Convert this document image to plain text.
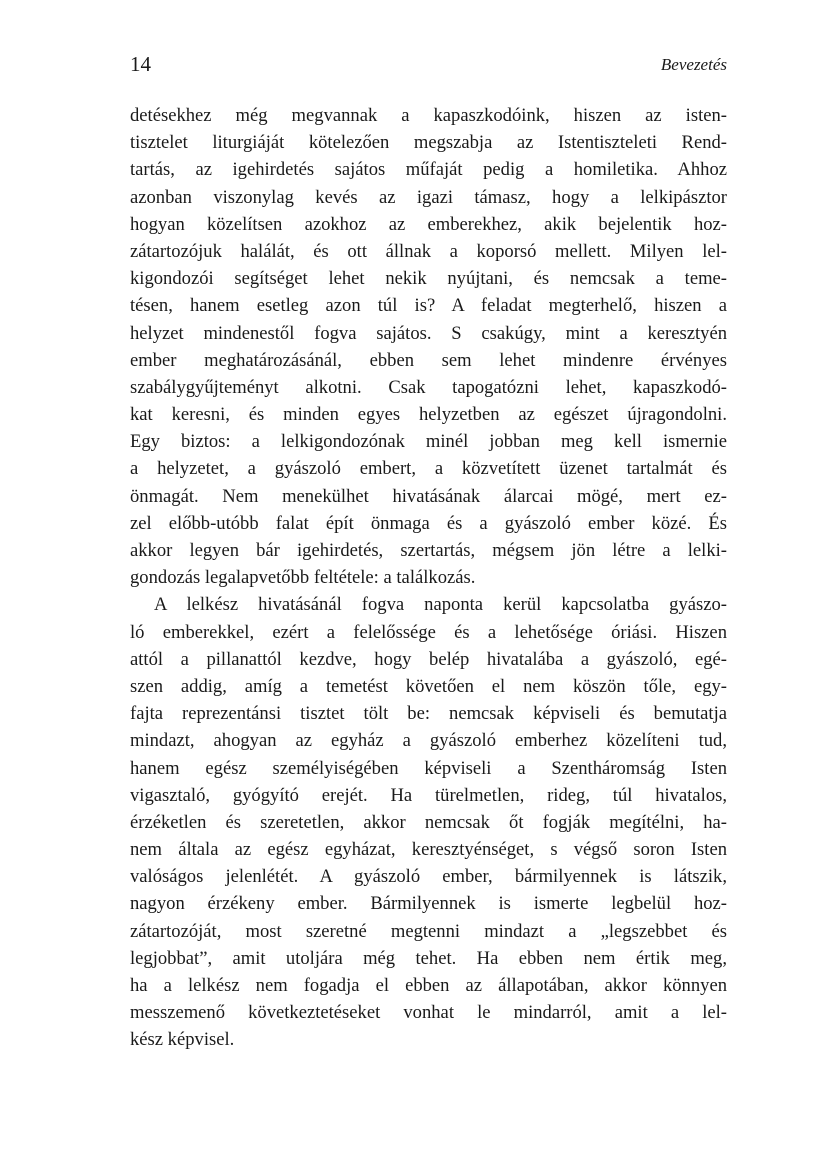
14	Bevezetés
detésekhez még megvannak a kapaszkodóink, hiszen az isten-
tisztelet liturgiáját kötelezően megszabja az Istentiszteleti Rend-
tartás, az igehirdetés sajátos műfaját pedig a homiletika. Ahhoz
azonban viszonylag kevés az igazi támasz, hogy a lelkipásztor
hogyan közelítsen azokhoz az emberekhez, akik bejelentik hoz-
zátartozójuk halálát, és ott állnak a koporsó mellett. Milyen lel-
kigondozói segítséget lehet nekik nyújtani, és nemcsak a teme-
tésen, hanem esetleg azon túl is? A feladat megterhelő, hiszen a
helyzet mindenestől fogva sajátos. S csakúgy, mint a keresztyén
ember meghatározásánál, ebben sem lehet mindenre érvényes
szabálygyűjteményt alkotni. Csak tapogatózni lehet, kapaszkodó-
kat keresni, és minden egyes helyzetben az egészet újragondolni.
Egy biztos: a lelkigondozónak minél jobban meg kell ismernie
a helyzetet, a gyászoló embert, a közvetített üzenet tartalmát és
önmagát. Nem menekülhet hivatásának álarcai mögé, mert ez-
zel előbb-utóbb falat épít önmaga és a gyászoló ember közé. És
akkor legyen bár igehirdetés, szertartás, mégsem jön létre a lelki-
gondozás legalapvetőbb feltétele: a találkozás.
A lelkész hivatásánál fogva naponta kerül kapcsolatba gyászo-
ló emberekkel, ezért a felelőssége és a lehetősége óriási. Hiszen
attól a pillanattól kezdve, hogy belép hivatalába a gyászoló, egé-
szen addig, amíg a temetést követően el nem köszön tőle, egy-
fajta reprezentánsi tisztet tölt be: nemcsak képviseli és bemutatja
mindazt, ahogyan az egyház a gyászoló emberhez közelíteni tud,
hanem egész személyiségében képviseli a Szentháromság Isten
vigasztaló, gyógyító erejét. Ha türelmetlen, rideg, túl hivatalos,
érzéketlen és szeretetlen, akkor nemcsak őt fogják megítélni, ha-
nem általa az egész egyházat, keresztyénséget, s végső soron Isten
valóságos jelenlétét. A gyászoló ember, bármilyennek is látszik,
nagyon érzékeny ember. Bármilyennek is ismerte legbelül hoz-
zátartozóját, most szeretné megtenni mindazt a „legszebbet és
legjobbat”, amit utoljára még tehet. Ha ebben nem értik meg,
ha a lelkész nem fogadja el ebben az állapotában, akkor könnyen
messzemenő következtetéseket vonhat le mindarról, amit a lel-
kész képvisel.
